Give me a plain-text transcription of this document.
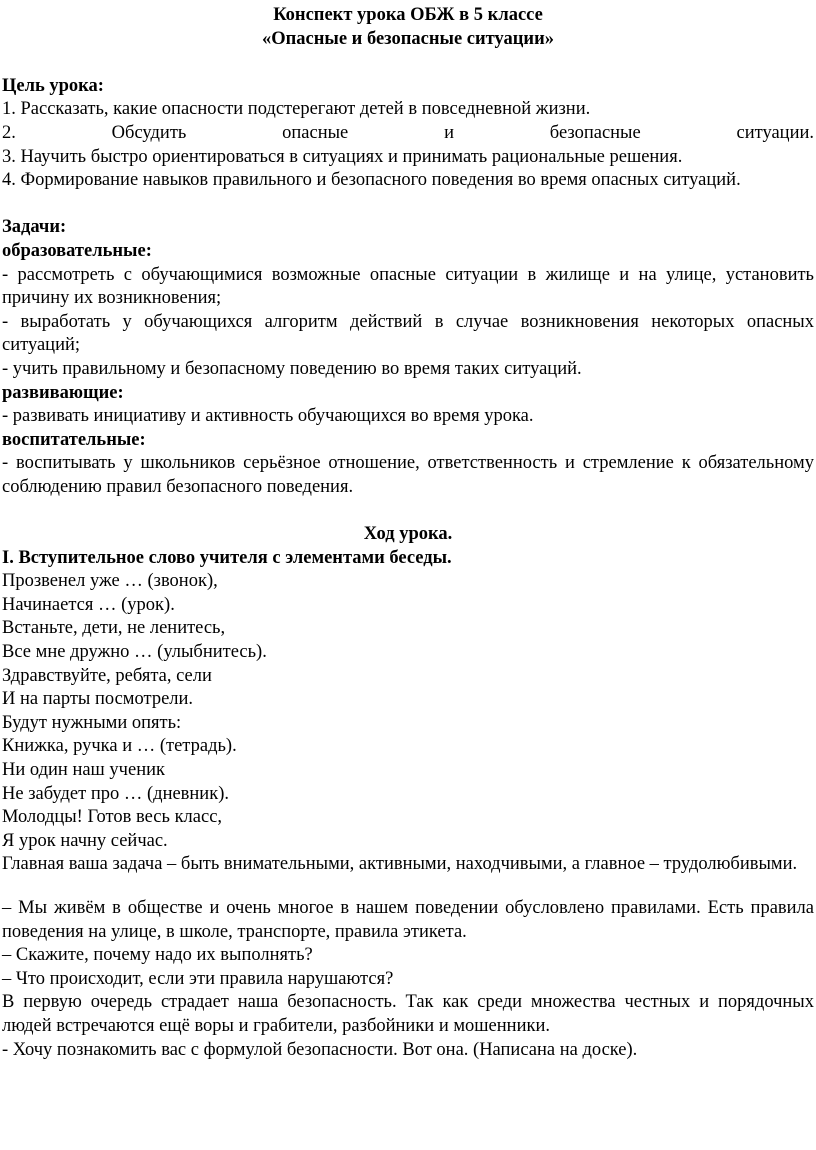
Конспект урока ОБЖ в 5 классе

«Опасные и безопасные ситуации»

Цель урока:

1. Рассказать, какие опасности подстерегают детей в повседневной жизни.

2. Обсудить опасные и безопасные ситуации.

3. Научить быстро ориентироваться в ситуациях и принимать рациональные решения.

4. Формирование навыков правильного и безопасного поведения во время опасных ситуаций.

Задачи:

образовательные:

- рассмотреть с обучающимися возможные опасные ситуации в жилище и на улице, установить причину их возникновения;

- выработать у обучающихся алгоритм действий в случае возникновения некоторых опасных ситуаций;

- учить правильному и безопасному поведению во время таких ситуаций.

развивающие:

- развивать инициативу и активность обучающихся во время урока.

воспитательные:

- воспитывать у школьников серьёзное отношение, ответственность и стремление к обязательному соблюдению правил безопасного поведения.

Ход урока.

I. Вступительное слово учителя с элементами беседы.

Прозвенел уже … (звонок),

Начинается … (урок).

Встаньте, дети, не ленитесь,

Все мне дружно … (улыбнитесь).

Здравствуйте, ребята, сели

И на парты посмотрели.

Будут нужными опять:

Книжка, ручка и … (тетрадь).

Ни один наш ученик

Не забудет про … (дневник).

Молодцы! Готов весь класс,

Я урок начну сейчас.

Главная ваша задача – быть внимательными, активными, находчивыми, а главное – трудолюбивыми.

– Мы живём в обществе и очень многое в нашем поведении обусловлено правилами. Есть правила поведения на улице, в школе, транспорте, правила этикета.

– Скажите, почему надо их выполнять?

– Что происходит, если эти правила нарушаются?

В первую очередь страдает наша безопасность. Так как среди множества честных и порядочных людей встречаются ещё воры и грабители, разбойники и мошенники.

- Хочу познакомить вас с формулой безопасности. Вот она. (Написана на доске).
